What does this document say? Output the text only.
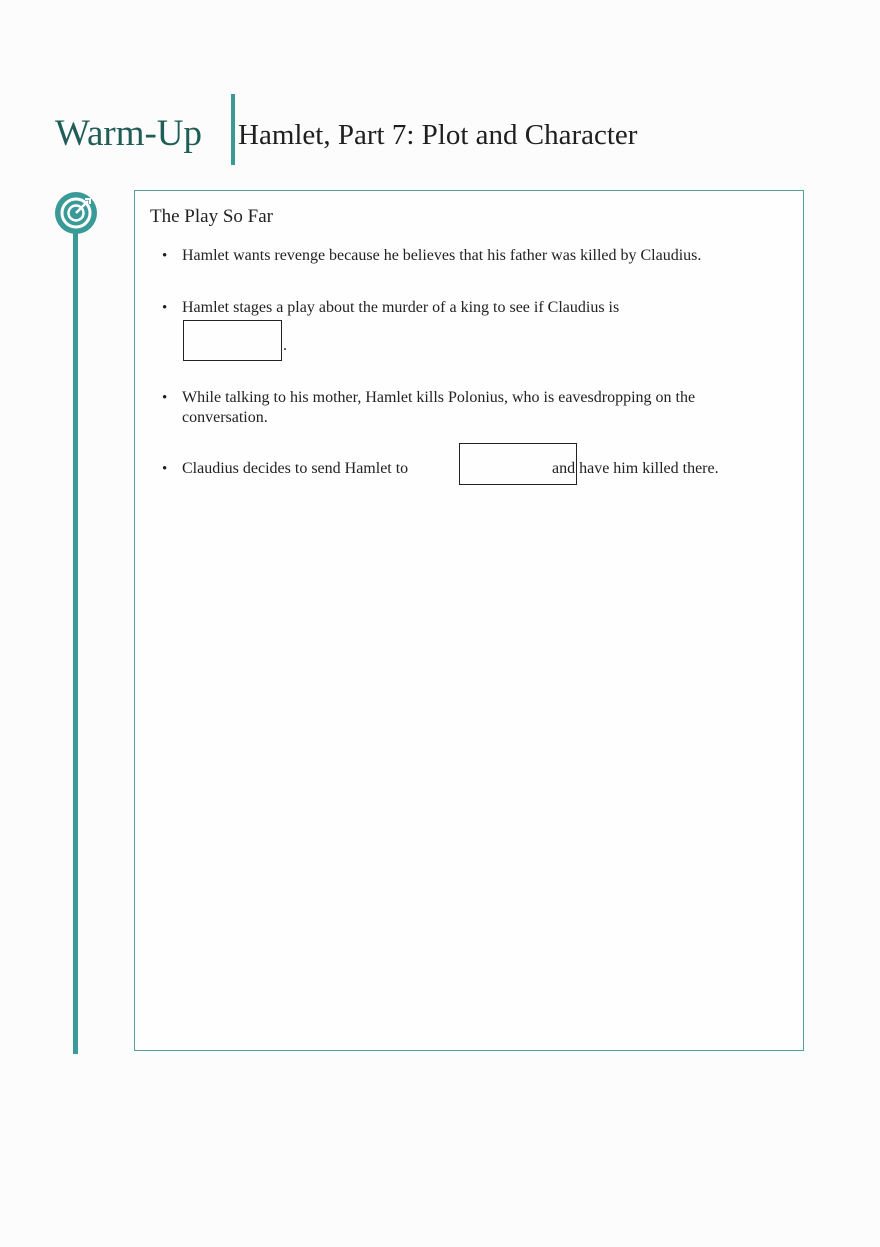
Warm-Up Hamlet, Part 7: Plot and Character
The Play So Far
• Hamlet wants revenge because he believes that his father was killed by Claudius.
• Hamlet stages a play about the murder of a king to see if Claudius is
.
• While talking to his mother, Hamlet kills Polonius, who is eavesdropping on the conversation.
• Claudius decides to send Hamlet to	and have him killed there.
